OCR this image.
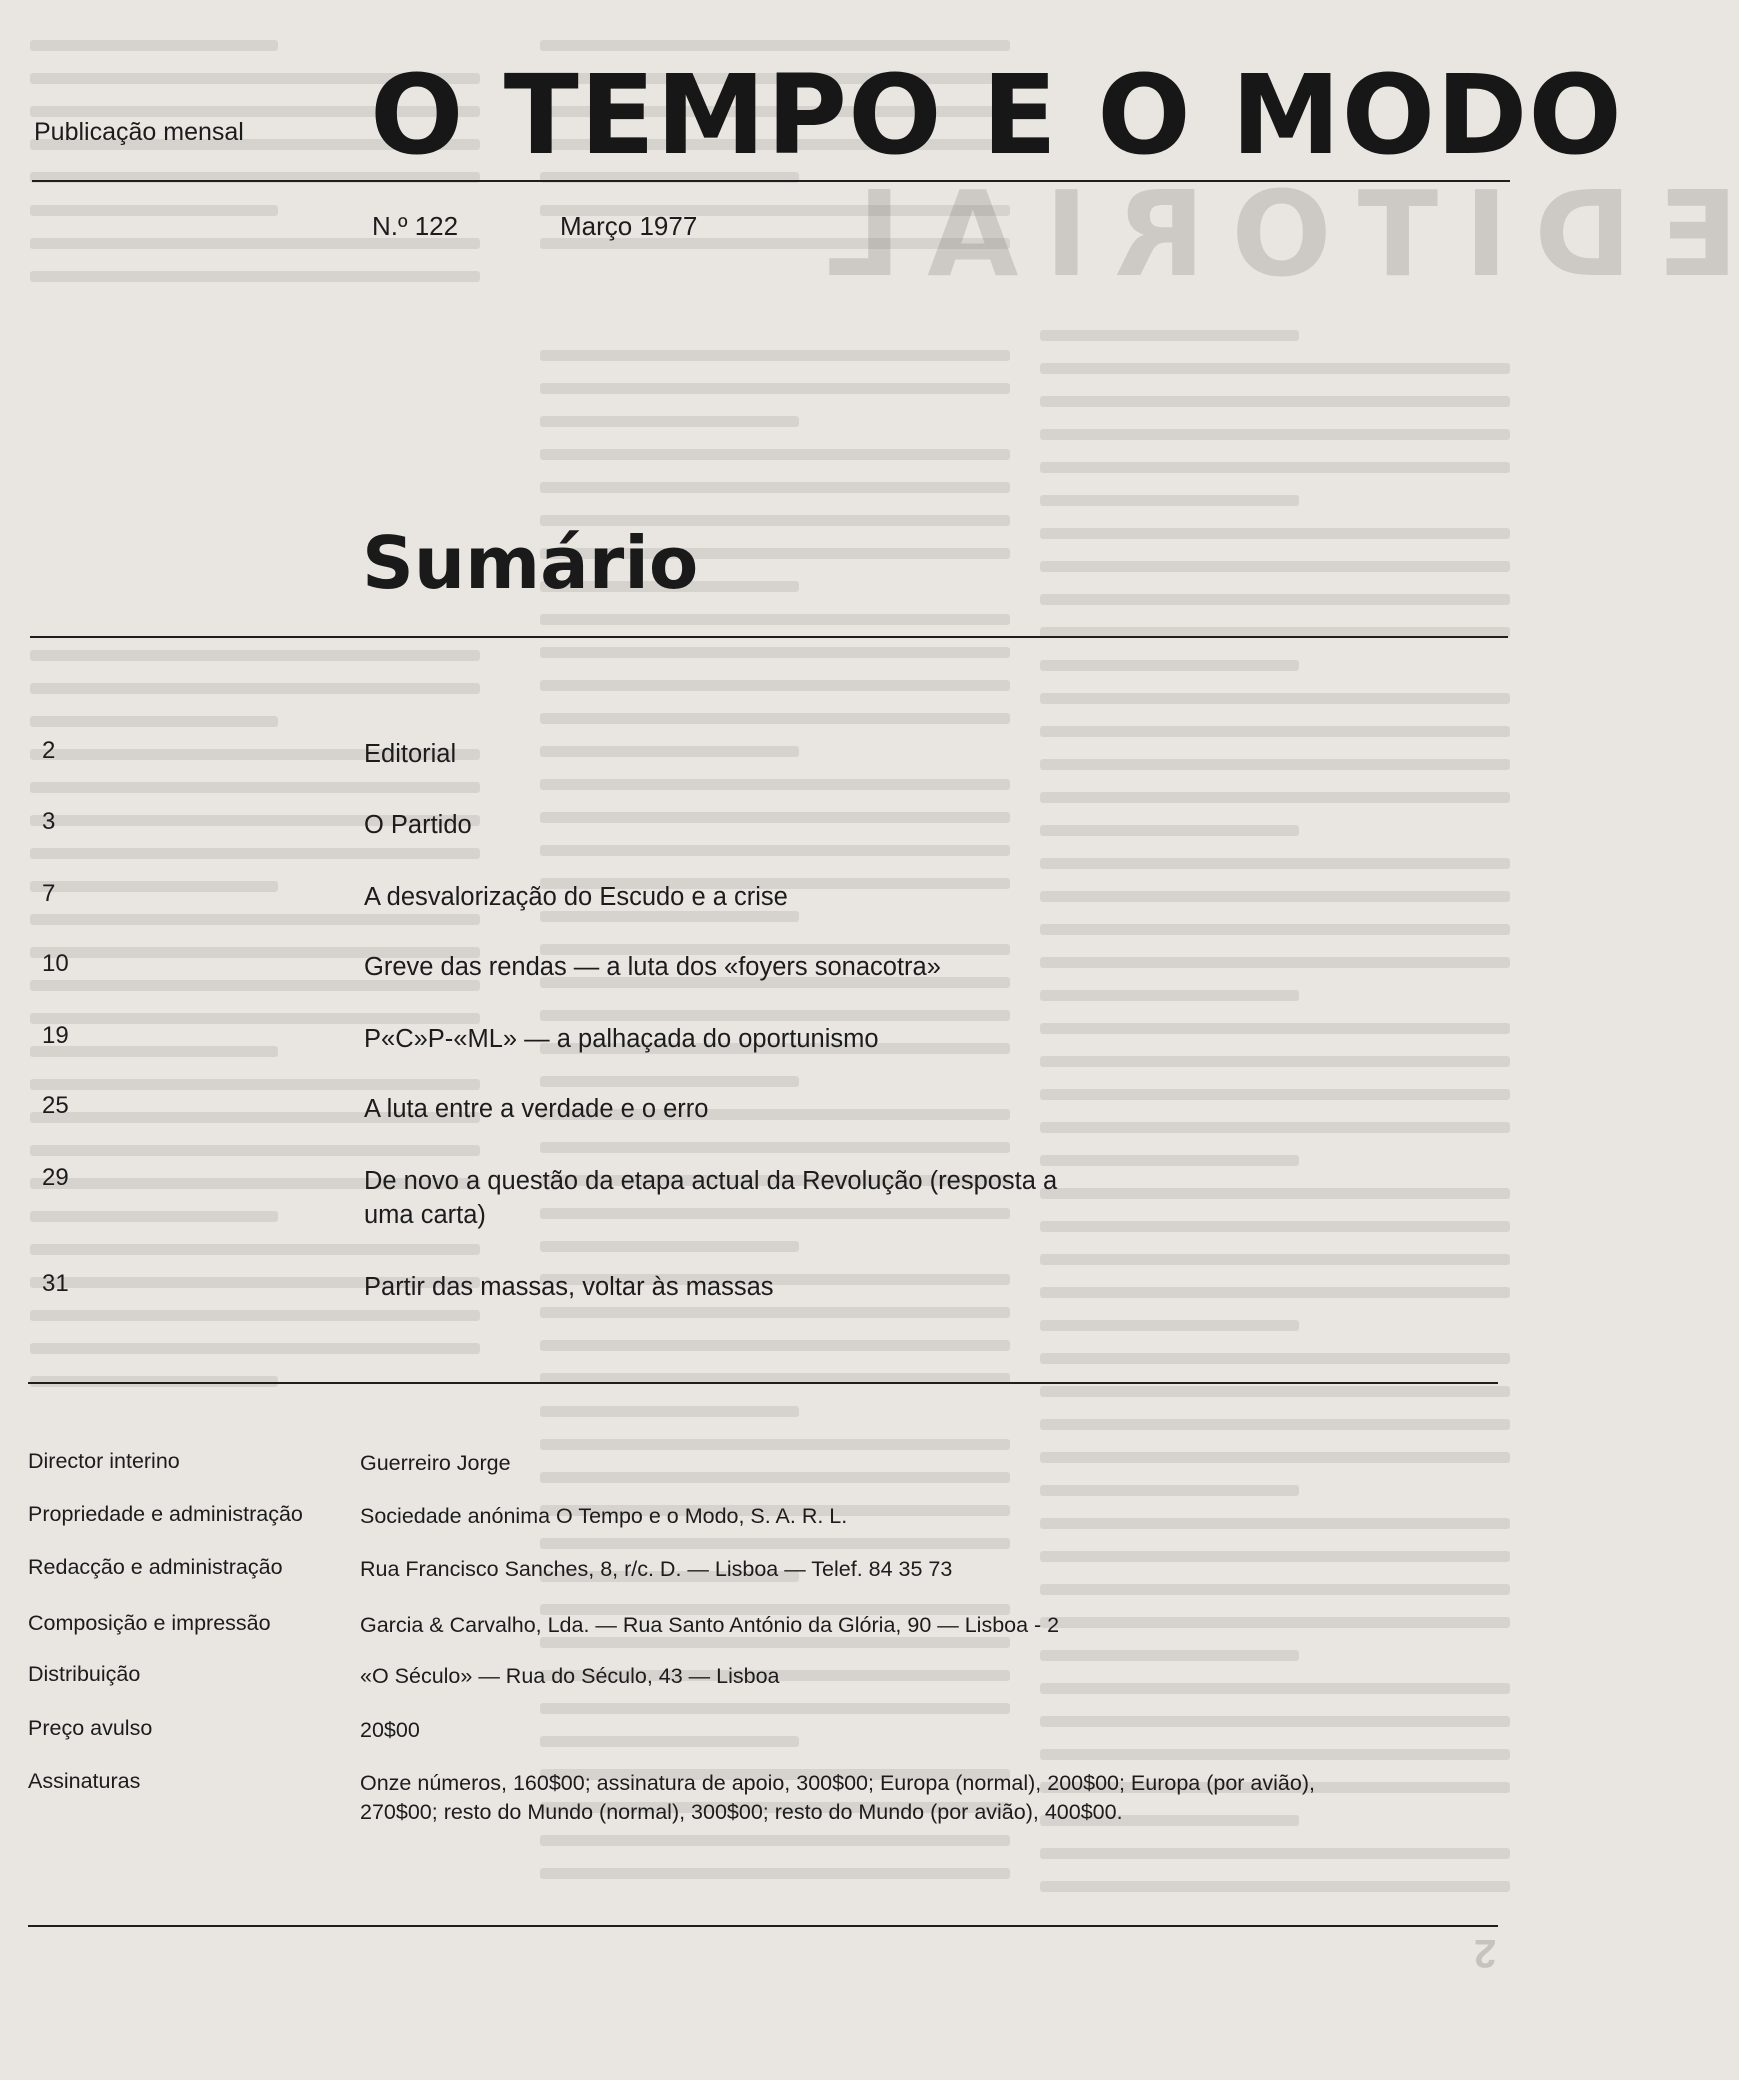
EDITORIAL
Publicação mensal O TEMPO E O MODO
N.º 122	Março 1977
Sumário
2	Editorial
3	O Partido
7	A desvalorização do Escudo e a crise
10	Greve das rendas — a luta dos «foyers sonacotra»
19	P«C»P-«ML» — a palhaçada do oportunismo
25	A luta entre a verdade e o erro
29	De novo a questão da etapa actual da Revolução (resposta a uma carta)
31	Partir das massas, voltar às massas
Director interino	Guerreiro Jorge
Propriedade e administração	Sociedade anónima O Tempo e o Modo, S. A. R. L.
Redacção e administração	Rua Francisco Sanches, 8, r/c. D. — Lisboa — Telef. 84 35 73
Composição e impressão	Garcia & Carvalho, Lda. — Rua Santo António da Glória, 90 — Lisboa - 2
Distribuição	«O Século» — Rua do Século, 43 — Lisboa
Preço avulso	20$00
Assinaturas	Onze números, 160$00; assinatura de apoio, 300$00; Europa (normal), 200$00; Europa (por avião), 270$00; resto do Mundo (normal), 300$00; resto do Mundo (por avião), 400$00.
2
